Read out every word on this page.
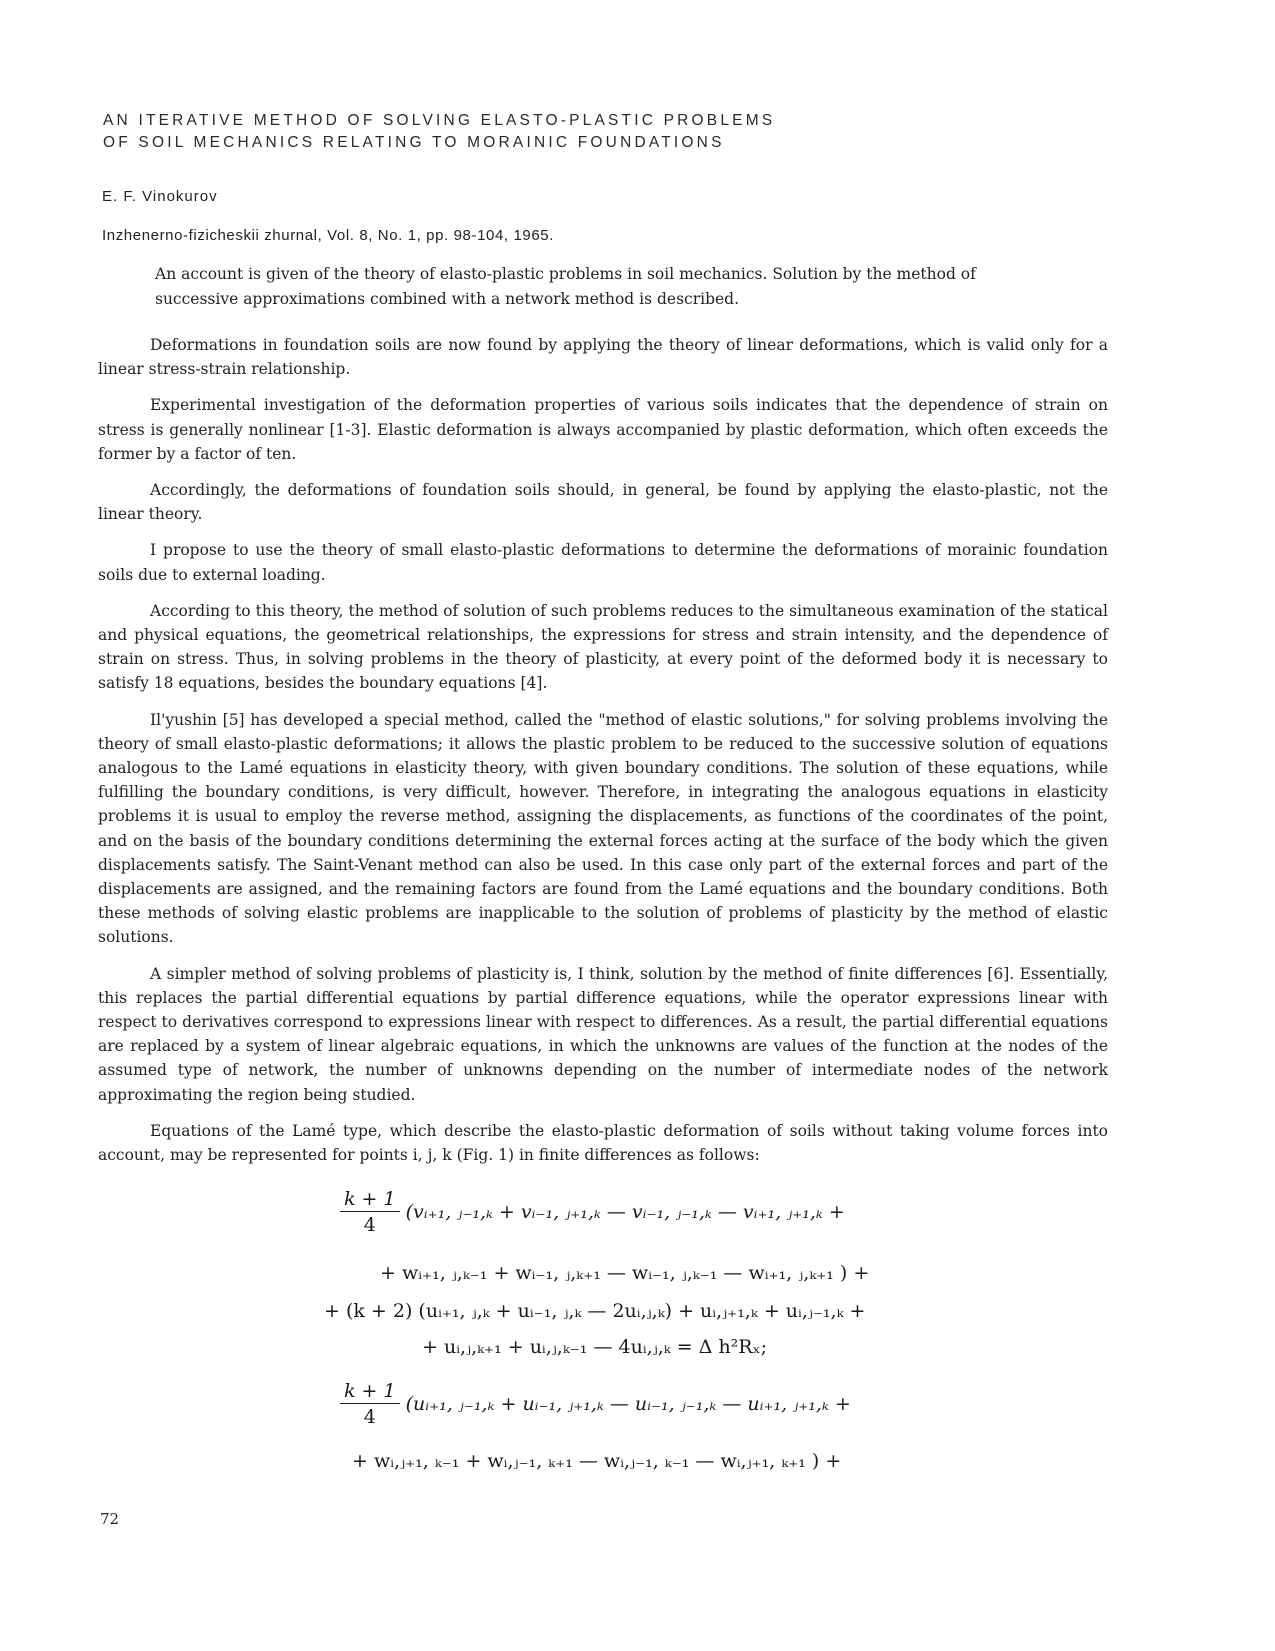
AN ITERATIVE METHOD OF SOLVING ELASTO-PLASTIC PROBLEMS
OF SOIL MECHANICS RELATING TO MORAINIC FOUNDATIONS
E. F. Vinokurov
Inzhenerno-fizicheskii zhurnal, Vol. 8, No. 1, pp. 98-104, 1965.
An account is given of the theory of elasto-plastic problems in soil mechanics. Solution by the method of successive approximations combined with a network method is described.

Deformations in foundation soils are now found by applying the theory of linear deformations, which is valid only for a linear stress-strain relationship.

Experimental investigation of the deformation properties of various soils indicates that the dependence of strain on stress is generally nonlinear [1-3]. Elastic deformation is always accompanied by plastic deformation, which often exceeds the former by a factor of ten.

Accordingly, the deformations of foundation soils should, in general, be found by applying the elasto-plastic, not the linear theory.

I propose to use the theory of small elasto-plastic deformations to determine the deformations of morainic foundation soils due to external loading.

According to this theory, the method of solution of such problems reduces to the simultaneous examination of the statical and physical equations, the geometrical relationships, the expressions for stress and strain intensity, and the dependence of strain on stress. Thus, in solving problems in the theory of plasticity, at every point of the deformed body it is necessary to satisfy 18 equations, besides the boundary equations [4].

Il'yushin [5] has developed a special method, called the "method of elastic solutions," for solving problems involving the theory of small elasto-plastic deformations; it allows the plastic problem to be reduced to the successive solution of equations analogous to the Lamé equations in elasticity theory, with given boundary conditions. The solution of these equations, while fulfilling the boundary conditions, is very difficult, however. Therefore, in integrating the analogous equations in elasticity problems it is usual to employ the reverse method, assigning the displacements, as functions of the coordinates of the point, and on the basis of the boundary conditions determining the external forces acting at the surface of the body which the given displacements satisfy. The Saint-Venant method can also be used. In this case only part of the external forces and part of the displacements are assigned, and the remaining factors are found from the Lamé equations and the boundary conditions. Both these methods of solving elastic problems are inapplicable to the solution of problems of plasticity by the method of elastic solutions.

A simpler method of solving problems of plasticity is, I think, solution by the method of finite differences [6]. Essentially, this replaces the partial differential equations by partial difference equations, while the operator expressions linear with respect to derivatives correspond to expressions linear with respect to differences. As a result, the partial differential equations are replaced by a system of linear algebraic equations, in which the unknowns are values of the function at the nodes of the assumed type of network, the number of unknowns depending on the number of intermediate nodes of the network approximating the region being studied.

Equations of the Lamé type, which describe the elasto-plastic deformation of soils without taking volume forces into account, may be represented for points i, j, k (Fig. 1) in finite differences as follows:

$\frac{k + 1}{4}$ (vᵢ₊₁, ⱼ₋₁,ₖ + vᵢ₋₁, ⱼ₊₁,ₖ — vᵢ₋₁, ⱼ₋₁,ₖ — vᵢ₊₁, ⱼ₊₁,ₖ +
+ wᵢ₊₁, ⱼ,ₖ₋₁ + wᵢ₋₁, ⱼ,ₖ₊₁ — wᵢ₋₁, ⱼ,ₖ₋₁ — wᵢ₊₁, ⱼ,ₖ₊₁ ) +
+ (k + 2) (uᵢ₊₁, ⱼ,ₖ + uᵢ₋₁, ⱼ,ₖ — 2uᵢ,ⱼ,ₖ) + uᵢ,ⱼ₊₁,ₖ + uᵢ,ⱼ₋₁,ₖ +
+ uᵢ,ⱼ,ₖ₊₁ + uᵢ,ⱼ,ₖ₋₁ — 4uᵢ,ⱼ,ₖ = Δ h²Rₓ;
$\frac{k + 1}{4}$ (uᵢ₊₁, ⱼ₋₁,ₖ + uᵢ₋₁, ⱼ₊₁,ₖ — uᵢ₋₁, ⱼ₋₁,ₖ — uᵢ₊₁, ⱼ₊₁,ₖ +
+ wᵢ,ⱼ₊₁, ₖ₋₁ + wᵢ,ⱼ₋₁, ₖ₊₁ — wᵢ,ⱼ₋₁, ₖ₋₁ — wᵢ,ⱼ₊₁, ₖ₊₁ ) +
72
